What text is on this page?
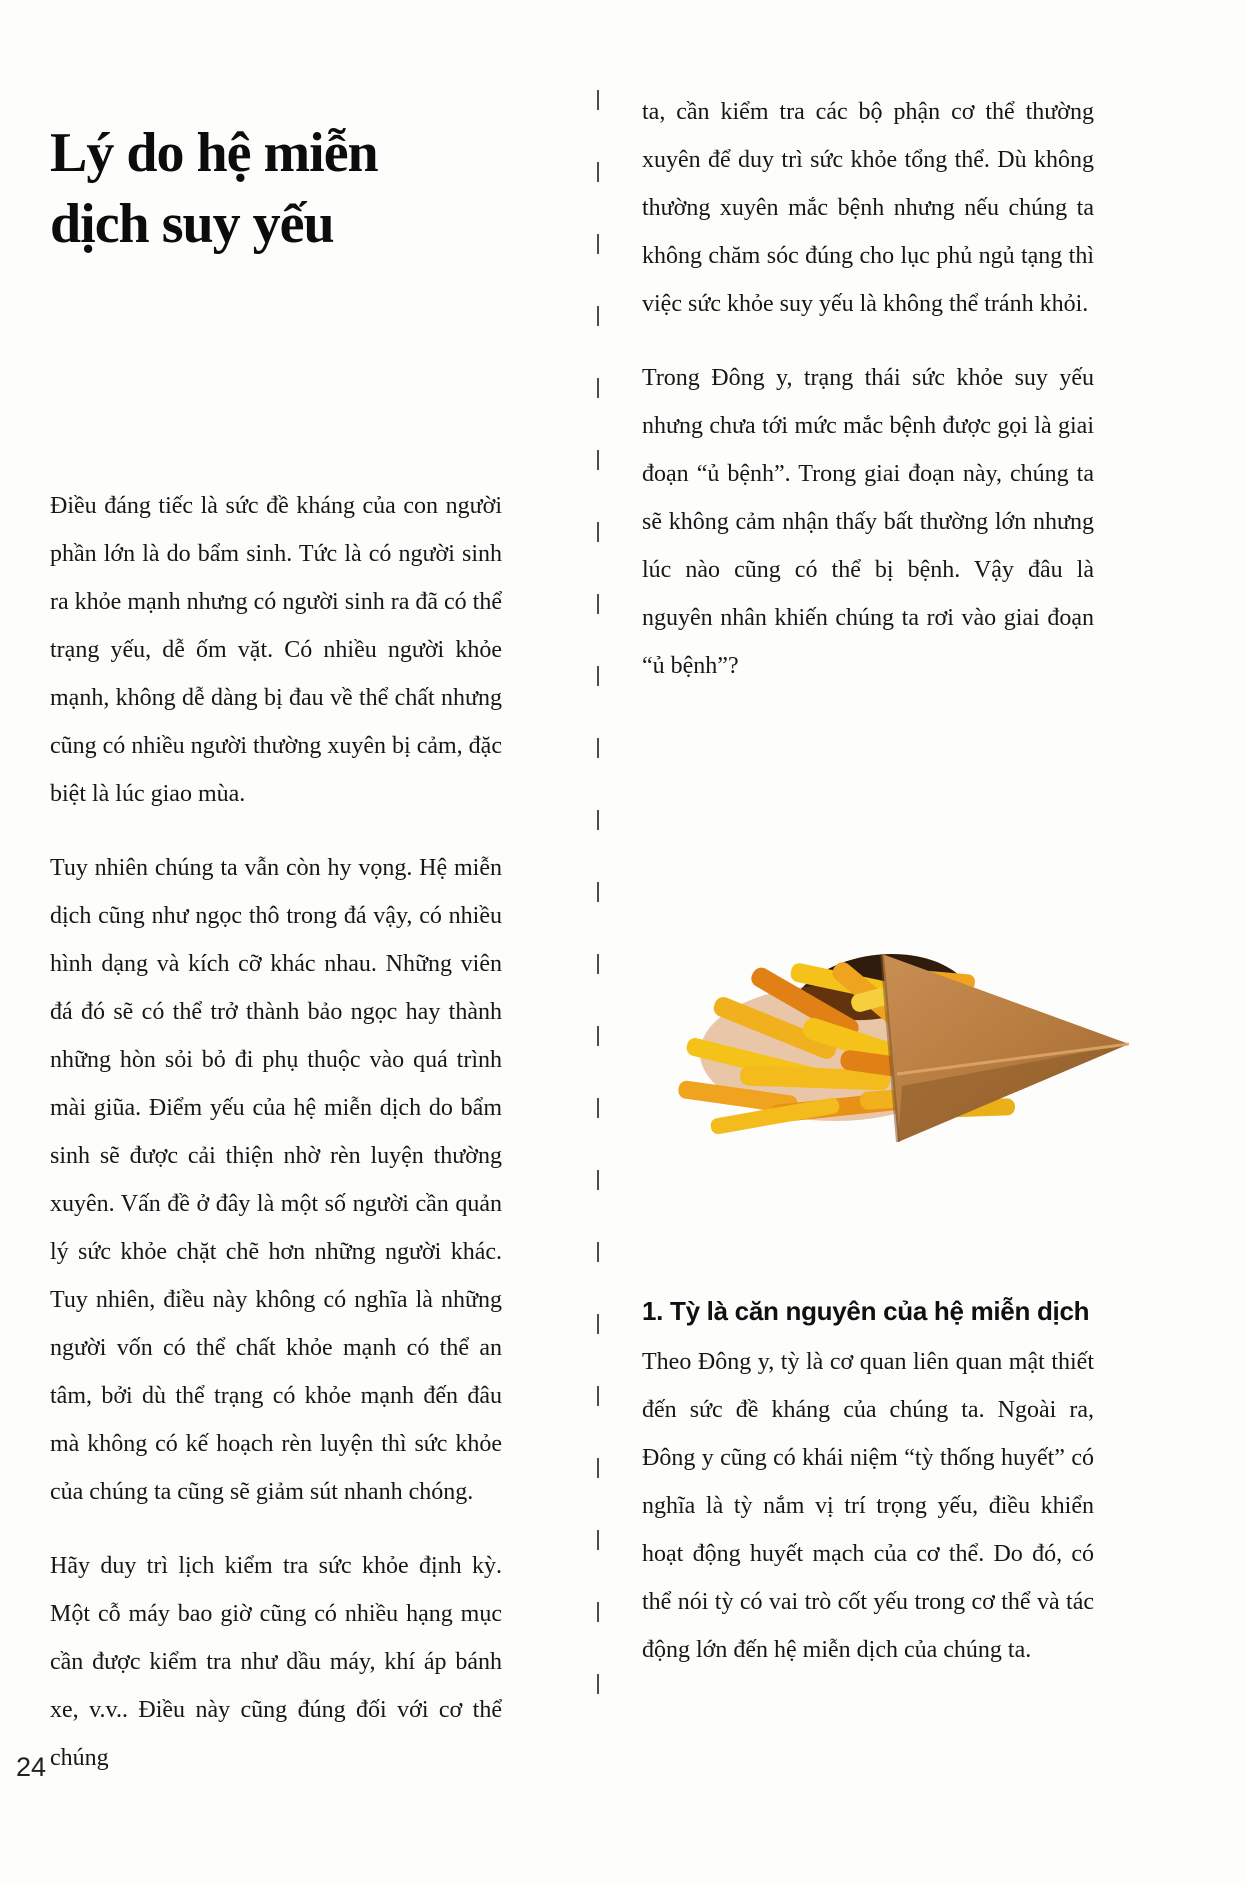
Lý do hệ miễn
dịch suy yếu

Điều đáng tiếc là sức đề kháng của con người phần lớn là do bẩm sinh. Tức là có người sinh ra khỏe mạnh nhưng có người sinh ra đã có thể trạng yếu, dễ ốm vặt. Có nhiều người khỏe mạnh, không dễ dàng bị đau về thể chất nhưng cũng có nhiều người thường xuyên bị cảm, đặc biệt là lúc giao mùa.

Tuy nhiên chúng ta vẫn còn hy vọng. Hệ miễn dịch cũng như ngọc thô trong đá vậy, có nhiều hình dạng và kích cỡ khác nhau. Những viên đá đó sẽ có thể trở thành bảo ngọc hay thành những hòn sỏi bỏ đi phụ thuộc vào quá trình mài giũa. Điểm yếu của hệ miễn dịch do bẩm sinh sẽ được cải thiện nhờ rèn luyện thường xuyên. Vấn đề ở đây là một số người cần quản lý sức khỏe chặt chẽ hơn những người khác. Tuy nhiên, điều này không có nghĩa là những người vốn có thể chất khỏe mạnh có thể an tâm, bởi dù thể trạng có khỏe mạnh đến đâu mà không có kế hoạch rèn luyện thì sức khỏe của chúng ta cũng sẽ giảm sút nhanh chóng.

Hãy duy trì lịch kiểm tra sức khỏe định kỳ. Một cỗ máy bao giờ cũng có nhiều hạng mục cần được kiểm tra như dầu máy, khí áp bánh xe, v.v.. Điều này cũng đúng đối với cơ thể chúng

ta, cần kiểm tra các bộ phận cơ thể thường xuyên để duy trì sức khỏe tổng thể. Dù không thường xuyên mắc bệnh nhưng nếu chúng ta không chăm sóc đúng cho lục phủ ngủ tạng thì việc sức khỏe suy yếu là không thể tránh khỏi.

Trong Đông y, trạng thái sức khỏe suy yếu nhưng chưa tới mức mắc bệnh được gọi là giai đoạn “ủ bệnh”. Trong giai đoạn này, chúng ta sẽ không cảm nhận thấy bất thường lớn nhưng lúc nào cũng có thể bị bệnh. Vậy đâu là nguyên nhân khiến chúng ta rơi vào giai đoạn “ủ bệnh”?

1. Tỳ là căn nguyên của hệ miễn dịch

Theo Đông y, tỳ là cơ quan liên quan mật thiết đến sức đề kháng của chúng ta. Ngoài ra, Đông y cũng có khái niệm “tỳ thống huyết” có nghĩa là tỳ nắm vị trí trọng yếu, điều khiển hoạt động huyết mạch của cơ thể. Do đó, có thể nói tỳ có vai trò cốt yếu trong cơ thể và tác động lớn đến hệ miễn dịch của chúng ta.

24
